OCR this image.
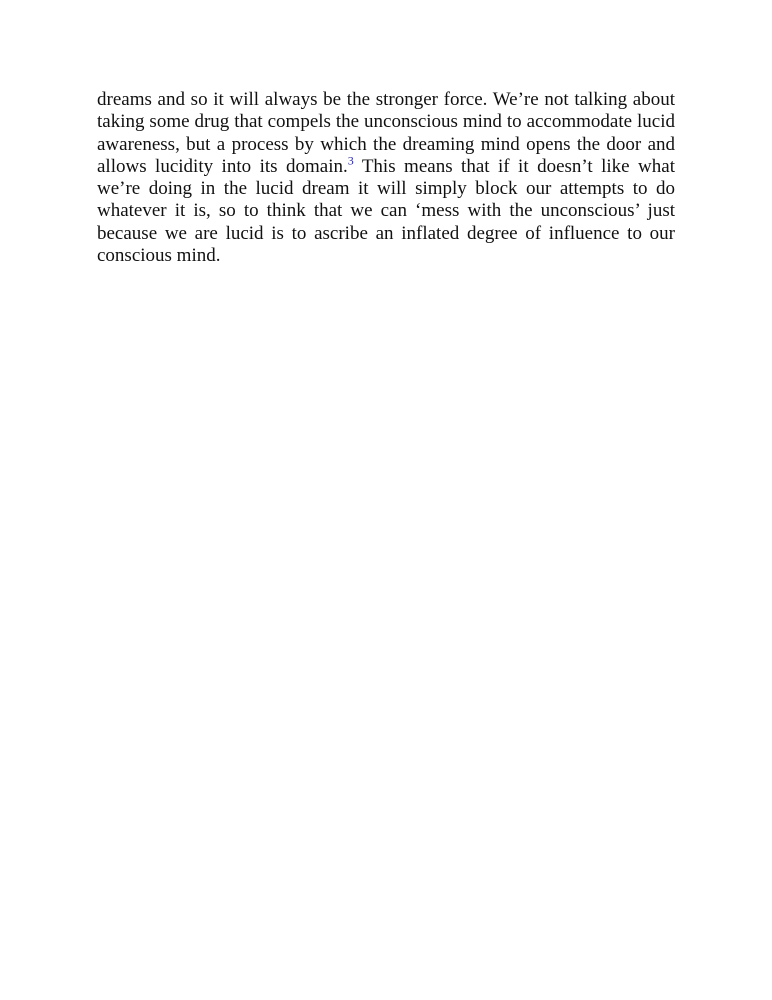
dreams and so it will always be the stronger force. We’re not talking about taking some drug that compels the unconscious mind to accommodate lucid awareness, but a process by which the dreaming mind opens the door and allows lucidity into its domain.$^3$ This means that if it doesn’t like what we’re doing in the lucid dream it will simply block our attempts to do whatever it is, so to think that we can ‘mess with the unconscious’ just because we are lucid is to ascribe an inflated degree of influence to our conscious mind.
